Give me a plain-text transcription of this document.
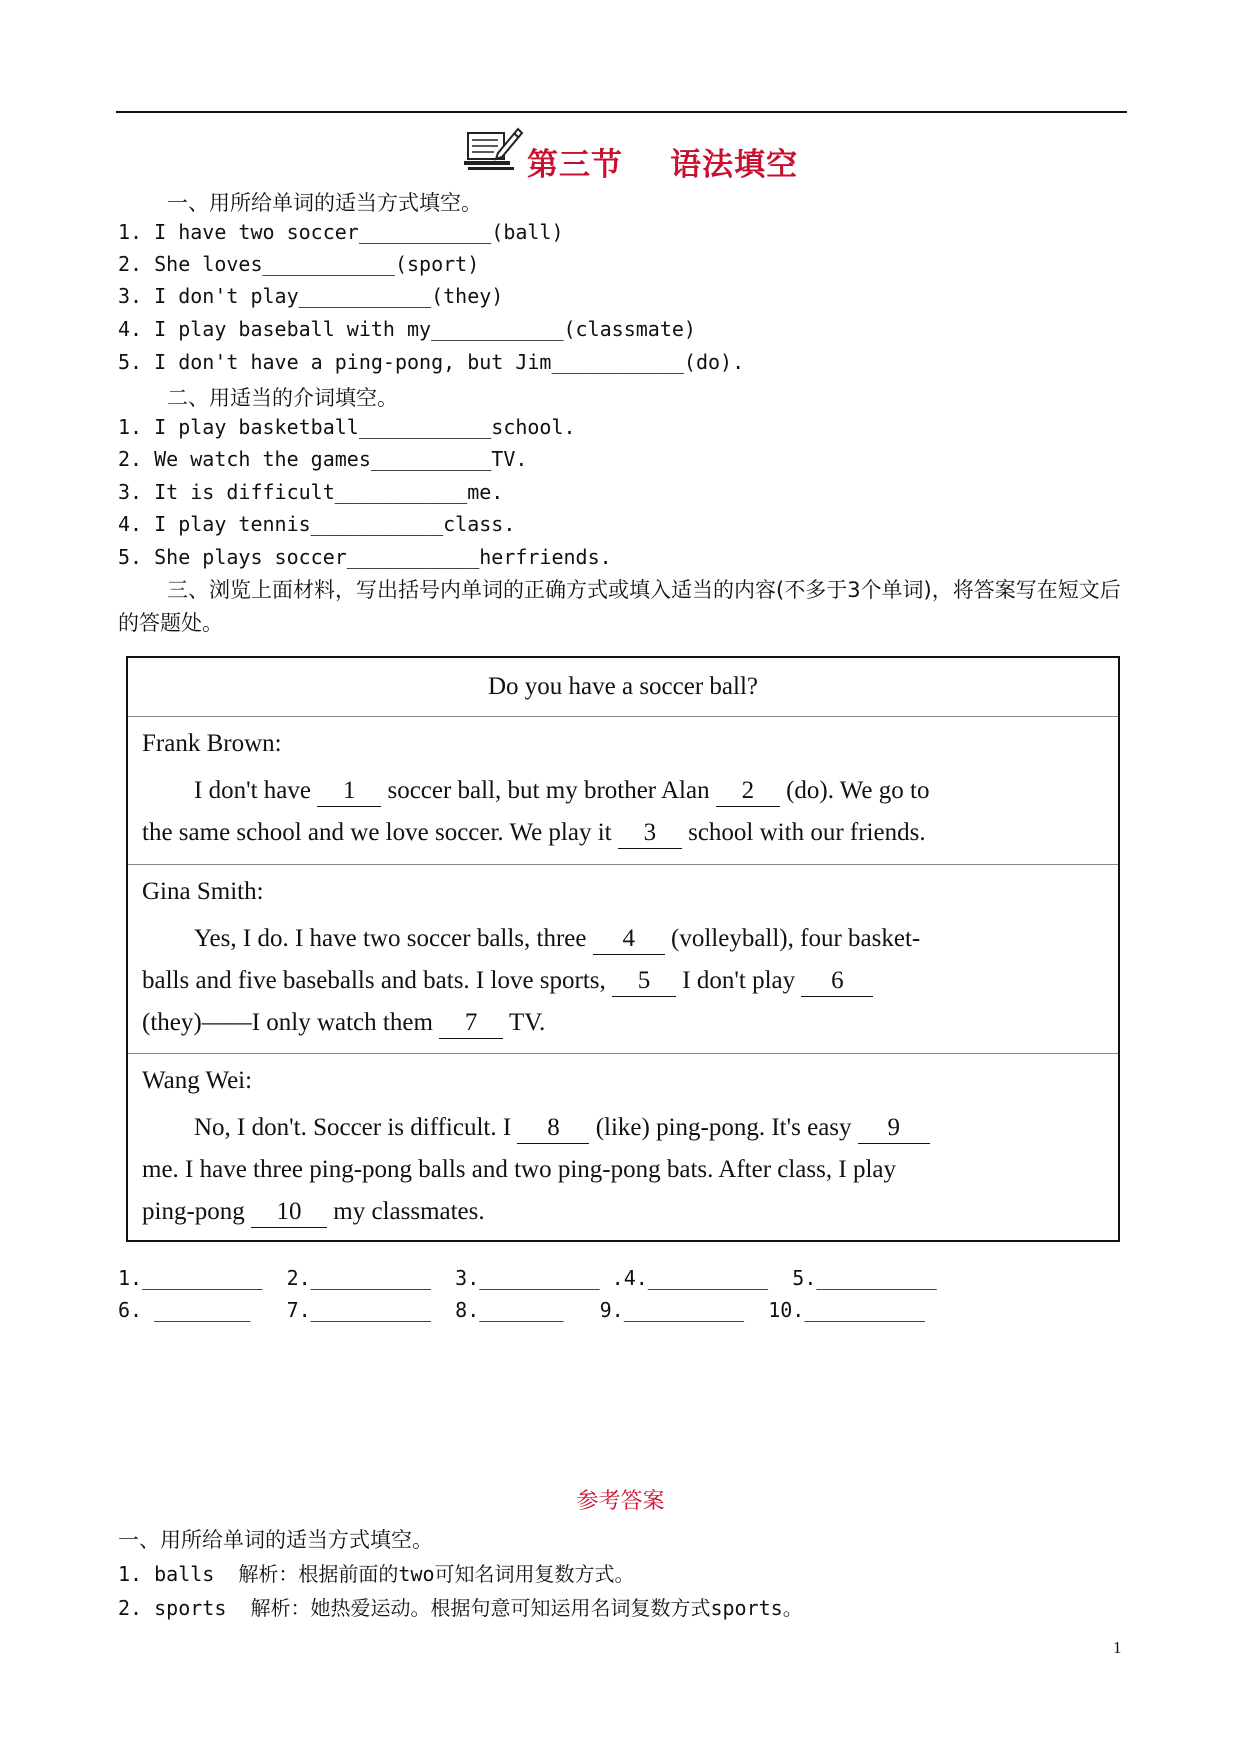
第三节    语法填空
一、用所给单词的适当方式填空。
1. I have two soccer___________(ball)
2. She loves___________(sport)
3. I don't play___________(they)
4. I play baseball with my___________(classmate)
5. I don't have a ping-pong, but Jim___________(do).
二、用适当的介词填空。
1. I play basketball___________school.
2. We watch the games__________TV.
3. It is difficult___________me.
4. I play tennis___________class.
5. She plays soccer___________herfriends.
三、浏览上面材料，写出括号内单词的正确方式或填入适当的内容(不多于3个单词)，将答案写在短文后的答题处。
Do you have a soccer ball?
Frank Brown:
I don't have 1 soccer ball, but my brother Alan 2 (do). We go to
the same school and we love soccer. We play it 3 school with our friends.
Gina Smith:
Yes, I do. I have two soccer balls, three 4 (volleyball), four basket-
balls and five baseballs and bats. I love sports, 5 I don't play 6
(they)——I only watch them 7 TV.
Wang Wei:
No, I don't. Soccer is difficult. I 8 (like) ping-pong. It's easy 9
me. I have three ping-pong balls and two ping-pong bats. After class, I play
ping-pong 10 my classmates.
1.__________  2.__________  3.__________ .4.__________  5.__________
6. ________   7.__________  8._______   9.__________  10.__________
参考答案
一、用所给单词的适当方式填空。
1. balls  解析：根据前面的two可知名词用复数方式。
2. sports  解析：她热爱运动。根据句意可知运用名词复数方式sports。
1
